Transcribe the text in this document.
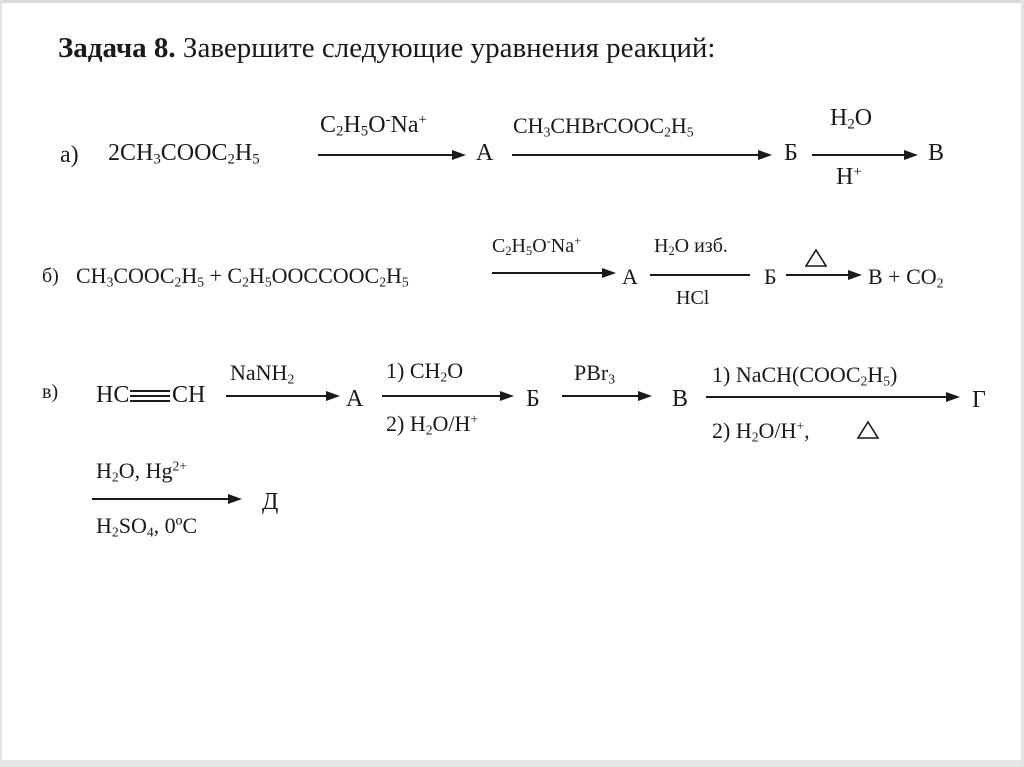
Задача 8. Завершите следующие уравнения реакций:
а) $2CH_3COOC_2H_5$
$C_2H_5O^-Na^+$
А
$CH_3CHBrCOOC_2H_5$
Б
$H_2O$
H+
В
б) $CH_3COOC_2H_5$ + $C_2H_5OOCCOOC_2H_5$
$C_2H_5O^-Na^+$
А
$H_2O$ изб.
HCl
Б	$B + CO_2$
в) HC CH
NaNH$_2$
А
1) $CH_2O$
2) $H_2O/H^+$
Б
PBr$_3$
В
1) $NaCH(COOC_2H_5)$
2) $H_2O/H^+$,
Г
$H_2O$, $Hg^{2+}$
$H_2SO_4$, 0ºC
Д
